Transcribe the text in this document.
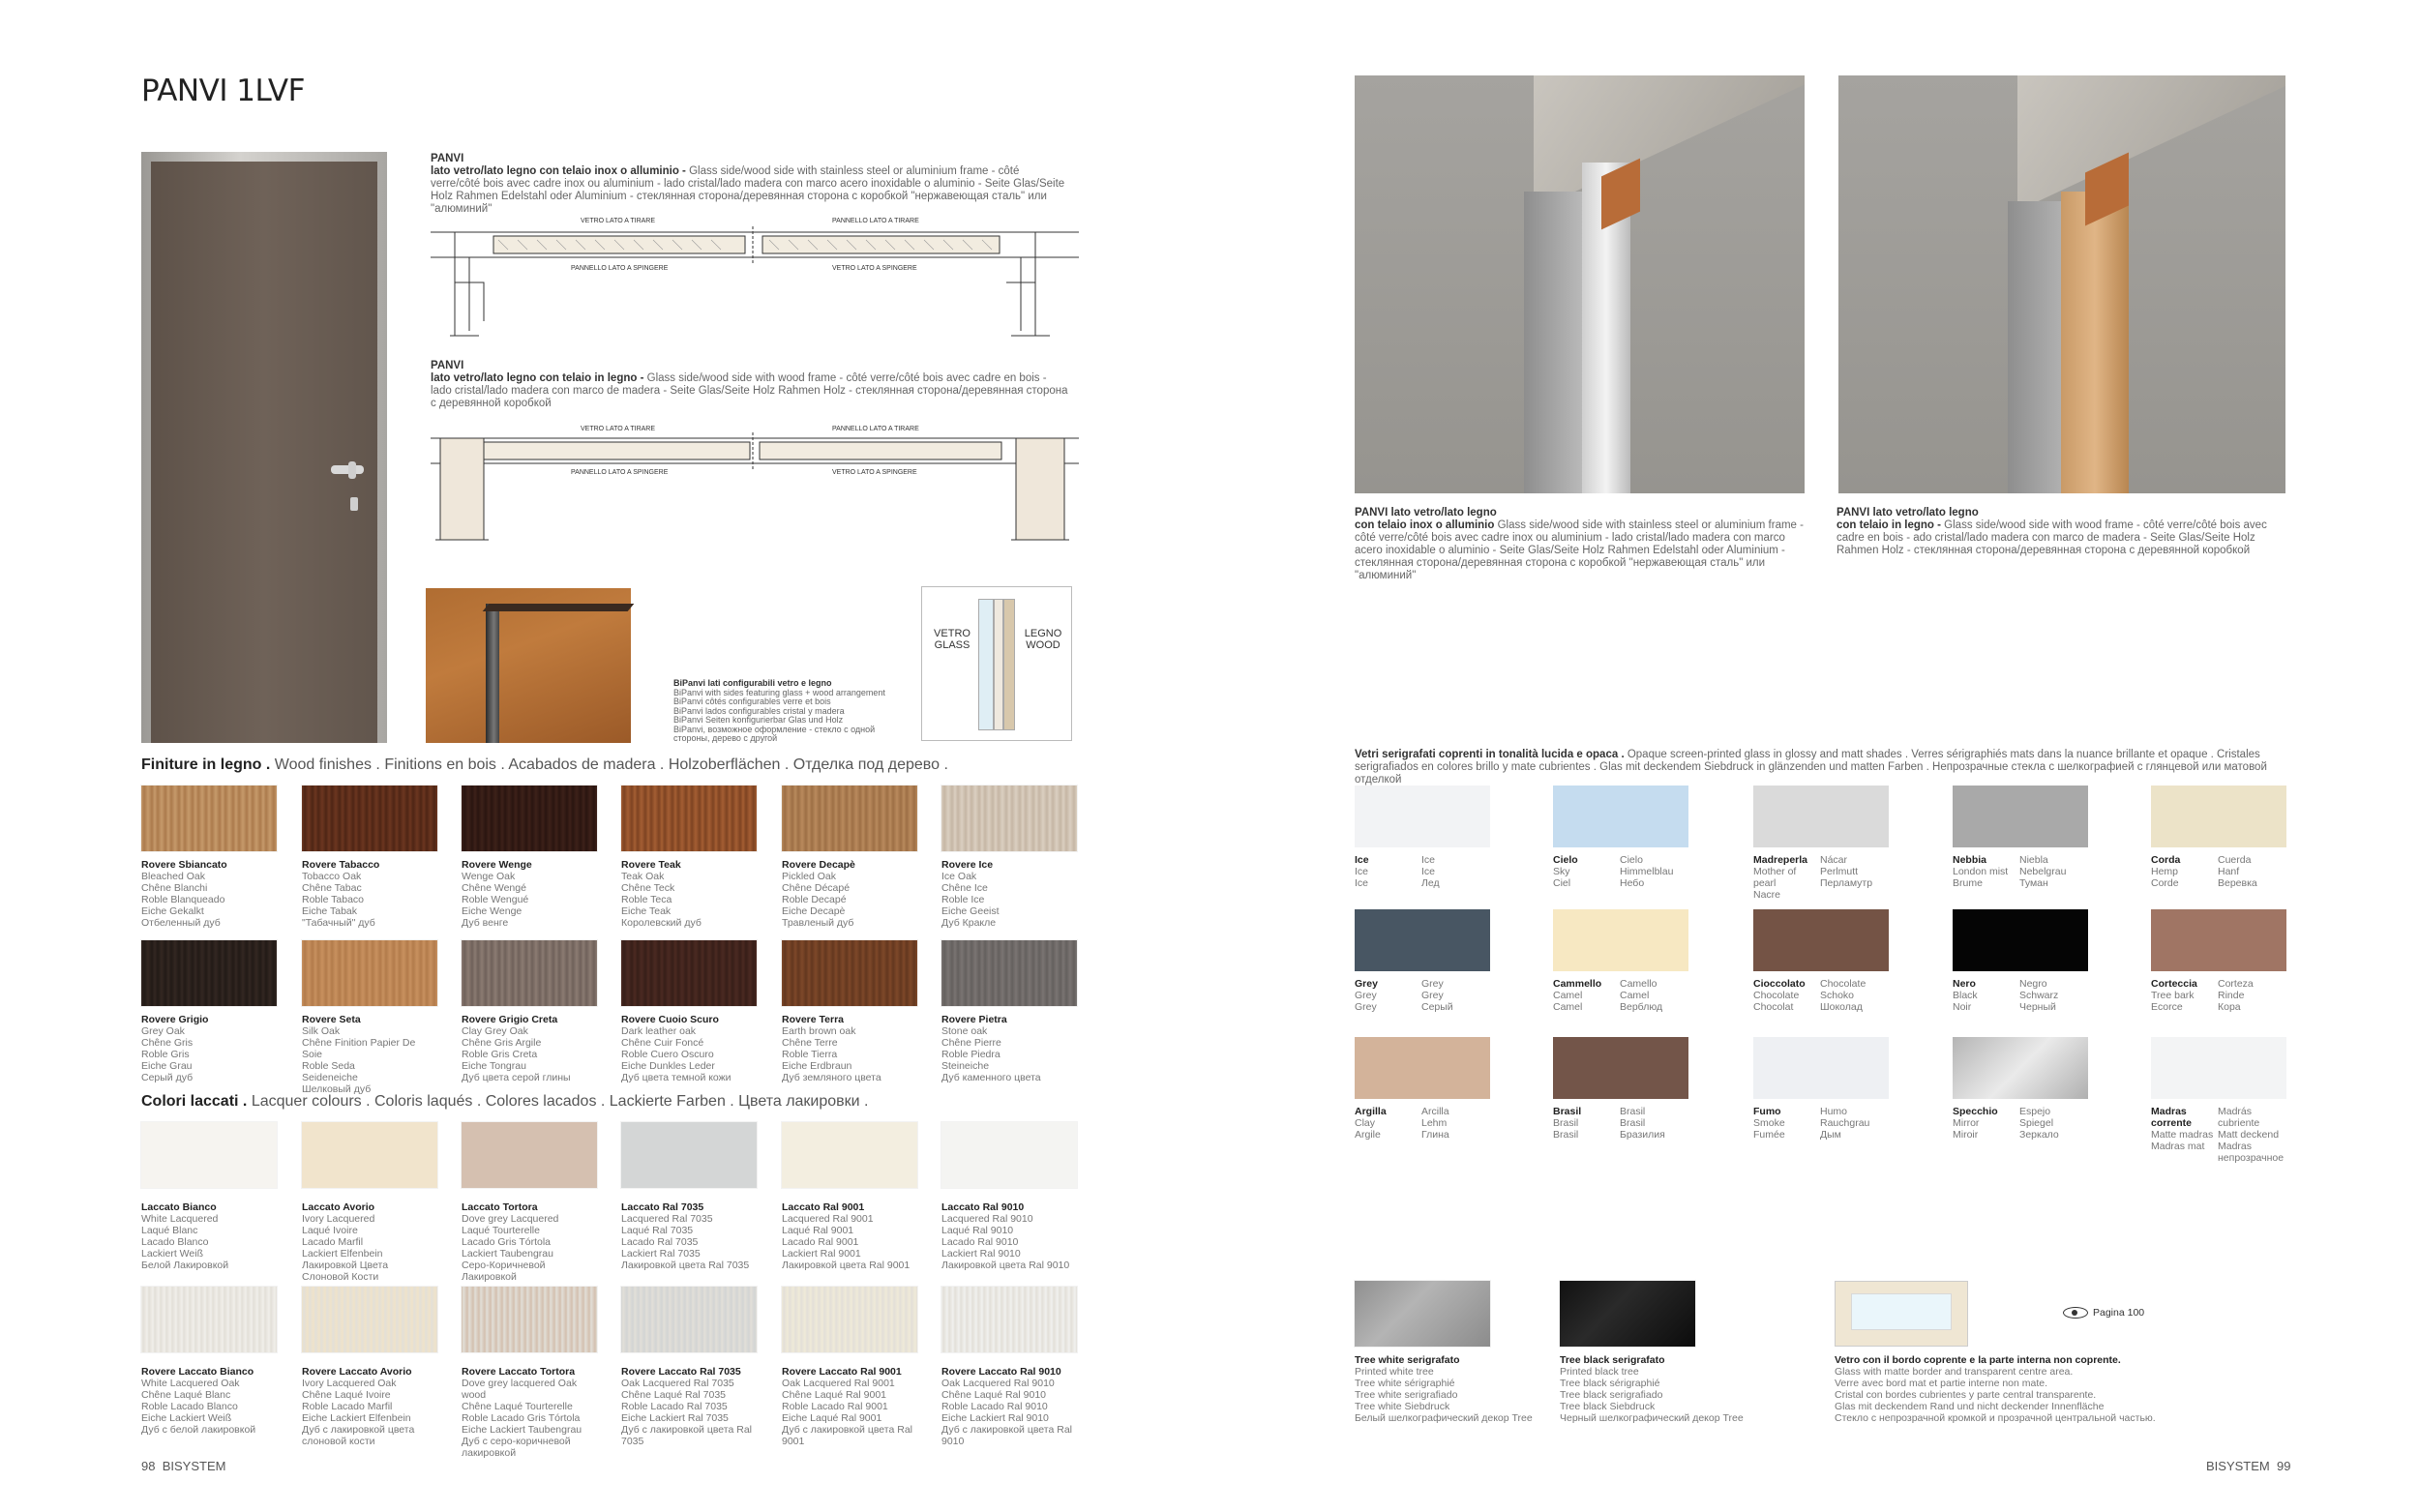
PANVI 1LVF
PANVI
lato vetro/lato legno con telaio inox o alluminio - Glass side/wood side with stainless steel or aluminium frame - côté verre/côté bois avec cadre inox ou aluminium - lado cristal/lado madera con marco acero inoxidable o aluminio - Seite Glas/Seite Holz Rahmen Edelstahl oder Aluminium - стеклянная сторона/деревянная сторона с коробкой "нержавеющая сталь" или "алюминий"
VETRO LATO A TIRARE	PANNELLO LATO A TIRARE
PANNELLO LATO A SPINGERE	VETRO LATO A SPINGERE
PANVI
lato vetro/lato legno con telaio in legno - Glass side/wood side with wood frame - côté verre/côté bois avec cadre en bois - lado cristal/lado madera con marco de madera - Seite Glas/Seite Holz Rahmen Holz - стеклянная сторона/деревянная сторона с деревянной коробкой
VETRO LATO A TIRARE	PANNELLO LATO A TIRARE
PANNELLO LATO A SPINGERE	VETRO LATO A SPINGERE
BiPanvi lati configurabili vetro e legno
BiPanvi with sides featuring glass + wood arrangement
BiPanvi côtés configurables verre et bois
BiPanvi lados configurables cristal y madera
BiPanvi Seiten konfigurierbar Glas und Holz
BiPanvi, возможное оформление - стекло с одной стороны, дерево с другой
VETRO
GLASS
LEGNO
WOOD
Finiture in legno . Wood finishes . Finitions en bois . Acabados de madera . Holzoberflächen . Отделка под дерево .
Rovere Sbiancato
Bleached Oak
Chêne Blanchi
Roble Blanqueado
Eiche Gekalkt
Отбеленный дуб
Rovere Tabacco
Tobacco Oak
Chêne Tabac
Roble Tabaco
Eiche Tabak
"Табачный" дуб
Rovere Wenge
Wenge Oak
Chêne Wengé
Roble Wengué
Eiche Wenge
Дуб венге
Rovere Teak
Teak Oak
Chêne Teck
Roble Teca
Eiche Teak
Королевский дуб
Rovere Decapè
Pickled Oak
Chêne Décapé
Roble Decapé
Eiche Decapè
Травленый дуб
Rovere Ice
Ice Oak
Chêne Ice
Roble Ice
Eiche Geeist
Дуб Кракле
Rovere Grigio
Grey Oak
Chêne Gris
Roble Gris
Eiche Grau
Серый дуб
Rovere Seta
Silk Oak
Chêne Finition Papier De Soie
Roble Seda
Seideneiche
Шелковый дуб
Rovere Grigio Creta
Clay Grey Oak
Chêne Gris Argile
Roble Gris Creta
Eiche Tongrau
Дуб цвета серой глины
Rovere Cuoio Scuro
Dark leather oak
Chêne Cuir Foncé
Roble Cuero Oscuro
Eiche Dunkles Leder
Дуб цвета темной кожи
Rovere Terra
Earth brown oak
Chêne Terre
Roble Tierra
Eiche Erdbraun
Дуб земляного цвета
Rovere Pietra
Stone oak
Chêne Pierre
Roble Piedra
Steineiche
Дуб каменного цвета
Colori laccati . Lacquer colours . Coloris laqués . Colores lacados . Lackierte Farben . Цвета лакировки .
Laccato Bianco
White Lacquered
Laqué Blanc
Lacado Blanco
Lackiert Weiß
Белой Лакировкой
Laccato Avorio
Ivory Lacquered
Laqué Ivoire
Lacado Marfil
Lackiert Elfenbein
Лакировкой Цвета Слоновой Кости
Laccato Tortora
Dove grey Lacquered
Laqué Tourterelle
Lacado Gris Tórtola
Lackiert Taubengrau
Серо-Коричневой Лакировкой
Laccato Ral 7035
Lacquered Ral 7035
Laqué Ral 7035
Lacado Ral 7035
Lackiert Ral 7035
Лакировкой цвета Ral 7035
Laccato Ral 9001
Lacquered Ral 9001
Laqué Ral 9001
Lacado Ral 9001
Lackiert Ral 9001
Лакировкой цвета Ral 9001
Laccato Ral 9010
Lacquered Ral 9010
Laqué Ral 9010
Lacado Ral 9010
Lackiert Ral 9010
Лакировкой цвета Ral 9010
Rovere Laccato Bianco
White Lacquered Oak
Chêne Laqué Blanc
Roble Lacado Blanco
Eiche Lackiert Weiß
Дуб с белой лакировкой
Rovere Laccato Avorio
Ivory Lacquered Oak
Chêne Laqué Ivoire
Roble Lacado Marfil
Eiche Lackiert Elfenbein
Дуб с лакировкой цвета слоновой кости
Rovere Laccato Tortora
Dove grey lacquered Oak wood
Chêne Laqué Tourterelle
Roble Lacado Gris Tórtola
Eiche Lackiert Taubengrau
Дуб с серо-коричневой лакировкой
Rovere Laccato Ral 7035
Oak Lacquered Ral 7035
Chêne Laqué Ral 7035
Roble Lacado Ral 7035
Eiche Lackiert Ral 7035
Дуб с лакировкой цвета Ral 7035
Rovere Laccato Ral 9001
Oak Lacquered Ral 9001
Chêne Laqué Ral 9001
Roble Lacado Ral 9001
Eiche Laqué Ral 9001
Дуб с лакировкой цвета Ral 9001
Rovere Laccato Ral 9010
Oak Lacquered Ral 9010
Chêne Laqué Ral 9010
Roble Lacado Ral 9010
Eiche Lackiert Ral 9010
Дуб с лакировкой цвета Ral 9010
98 BISYSTEM
PANVI lato vetro/lato legno
con telaio inox o alluminio Glass side/wood side with stainless steel or aluminium frame - côté verre/côté bois avec cadre inox ou aluminium - lado cristal/lado madera con marco acero inoxidable o aluminio - Seite Glas/Seite Holz Rahmen Edelstahl oder Aluminium - стеклянная сторона/деревянная сторона с коробкой "нержавеющая сталь" или "алюминий"
PANVI lato vetro/lato legno
con telaio in legno - Glass side/wood side with wood frame - côté verre/côté bois avec cadre en bois - ado cristal/lado madera con marco de madera - Seite Glas/Seite Holz Rahmen Holz - стеклянная сторона/деревянная сторона с деревянной коробкой
Vetri serigrafati coprenti in tonalità lucida e opaca . Opaque screen-printed glass in glossy and matt shades . Verres sérigraphiés mats dans la nuance brillante et opaque . Cristales serigrafiados en colores brillo y mate cubrientes . Glas mit deckendem Siebdruck in glänzenden und matten Farben . Непрозрачные стекла с шелкографией с глянцевой или матовой отделкой
Ice
Ice
Ice
Ice
Ice
Лед
Cielo
Sky
Ciel
Cielo
Himmelblau
Небо
Madreperla
Mother of pearl
Nacre
Nácar
Perlmutt
Перламутр
Nebbia
London mist
Brume
Niebla
Nebelgrau
Туман
Corda
Hemp
Corde
Cuerda
Hanf
Веревка
Grey
Grey
Grey
Grey
Grey
Серый
Cammello
Camel
Camel
Camello
Camel
Верблюд
Cioccolato
Chocolate
Chocolat
Chocolate
Schoko
Шоколад
Nero
Black
Noir
Negro
Schwarz
Черный
Corteccia
Tree bark
Ecorce
Corteza
Rinde
Кора
Argilla
Clay
Argile
Arcilla
Lehm
Глина
Brasil
Brasil
Brasil
Brasil
Brasil
Бразилия
Fumo
Smoke
Fumée
Humo
Rauchgrau
Дым
Specchio
Mirror
Miroir
Espejo
Spiegel
Зеркало
Madras corrente
Matte madras
Madras mat
Madrás cubriente
Matt deckend
Madras непрозрачное
Tree white serigrafato
Printed white tree
Tree white sérigraphié
Tree white serigrafiado
Tree white Siebdruck
Белый шелкографический декор Tree
Tree black serigrafato
Printed black tree
Tree black sérigraphié
Tree black serigrafiado
Tree black Siebdruck
Черный шелкографический декор Tree
Vetro con il bordo coprente e la parte interna non coprente.
Glass with matte border and transparent centre area.
Verre avec bord mat et partie interne non mate.
Cristal con bordes cubrientes y parte central transparente.
Glas mit deckendem Rand und nicht deckender Innenfläche
Стекло с непрозрачной кромкой и прозрачной центральной частью.
Pagina 100
BISYSTEM 99
